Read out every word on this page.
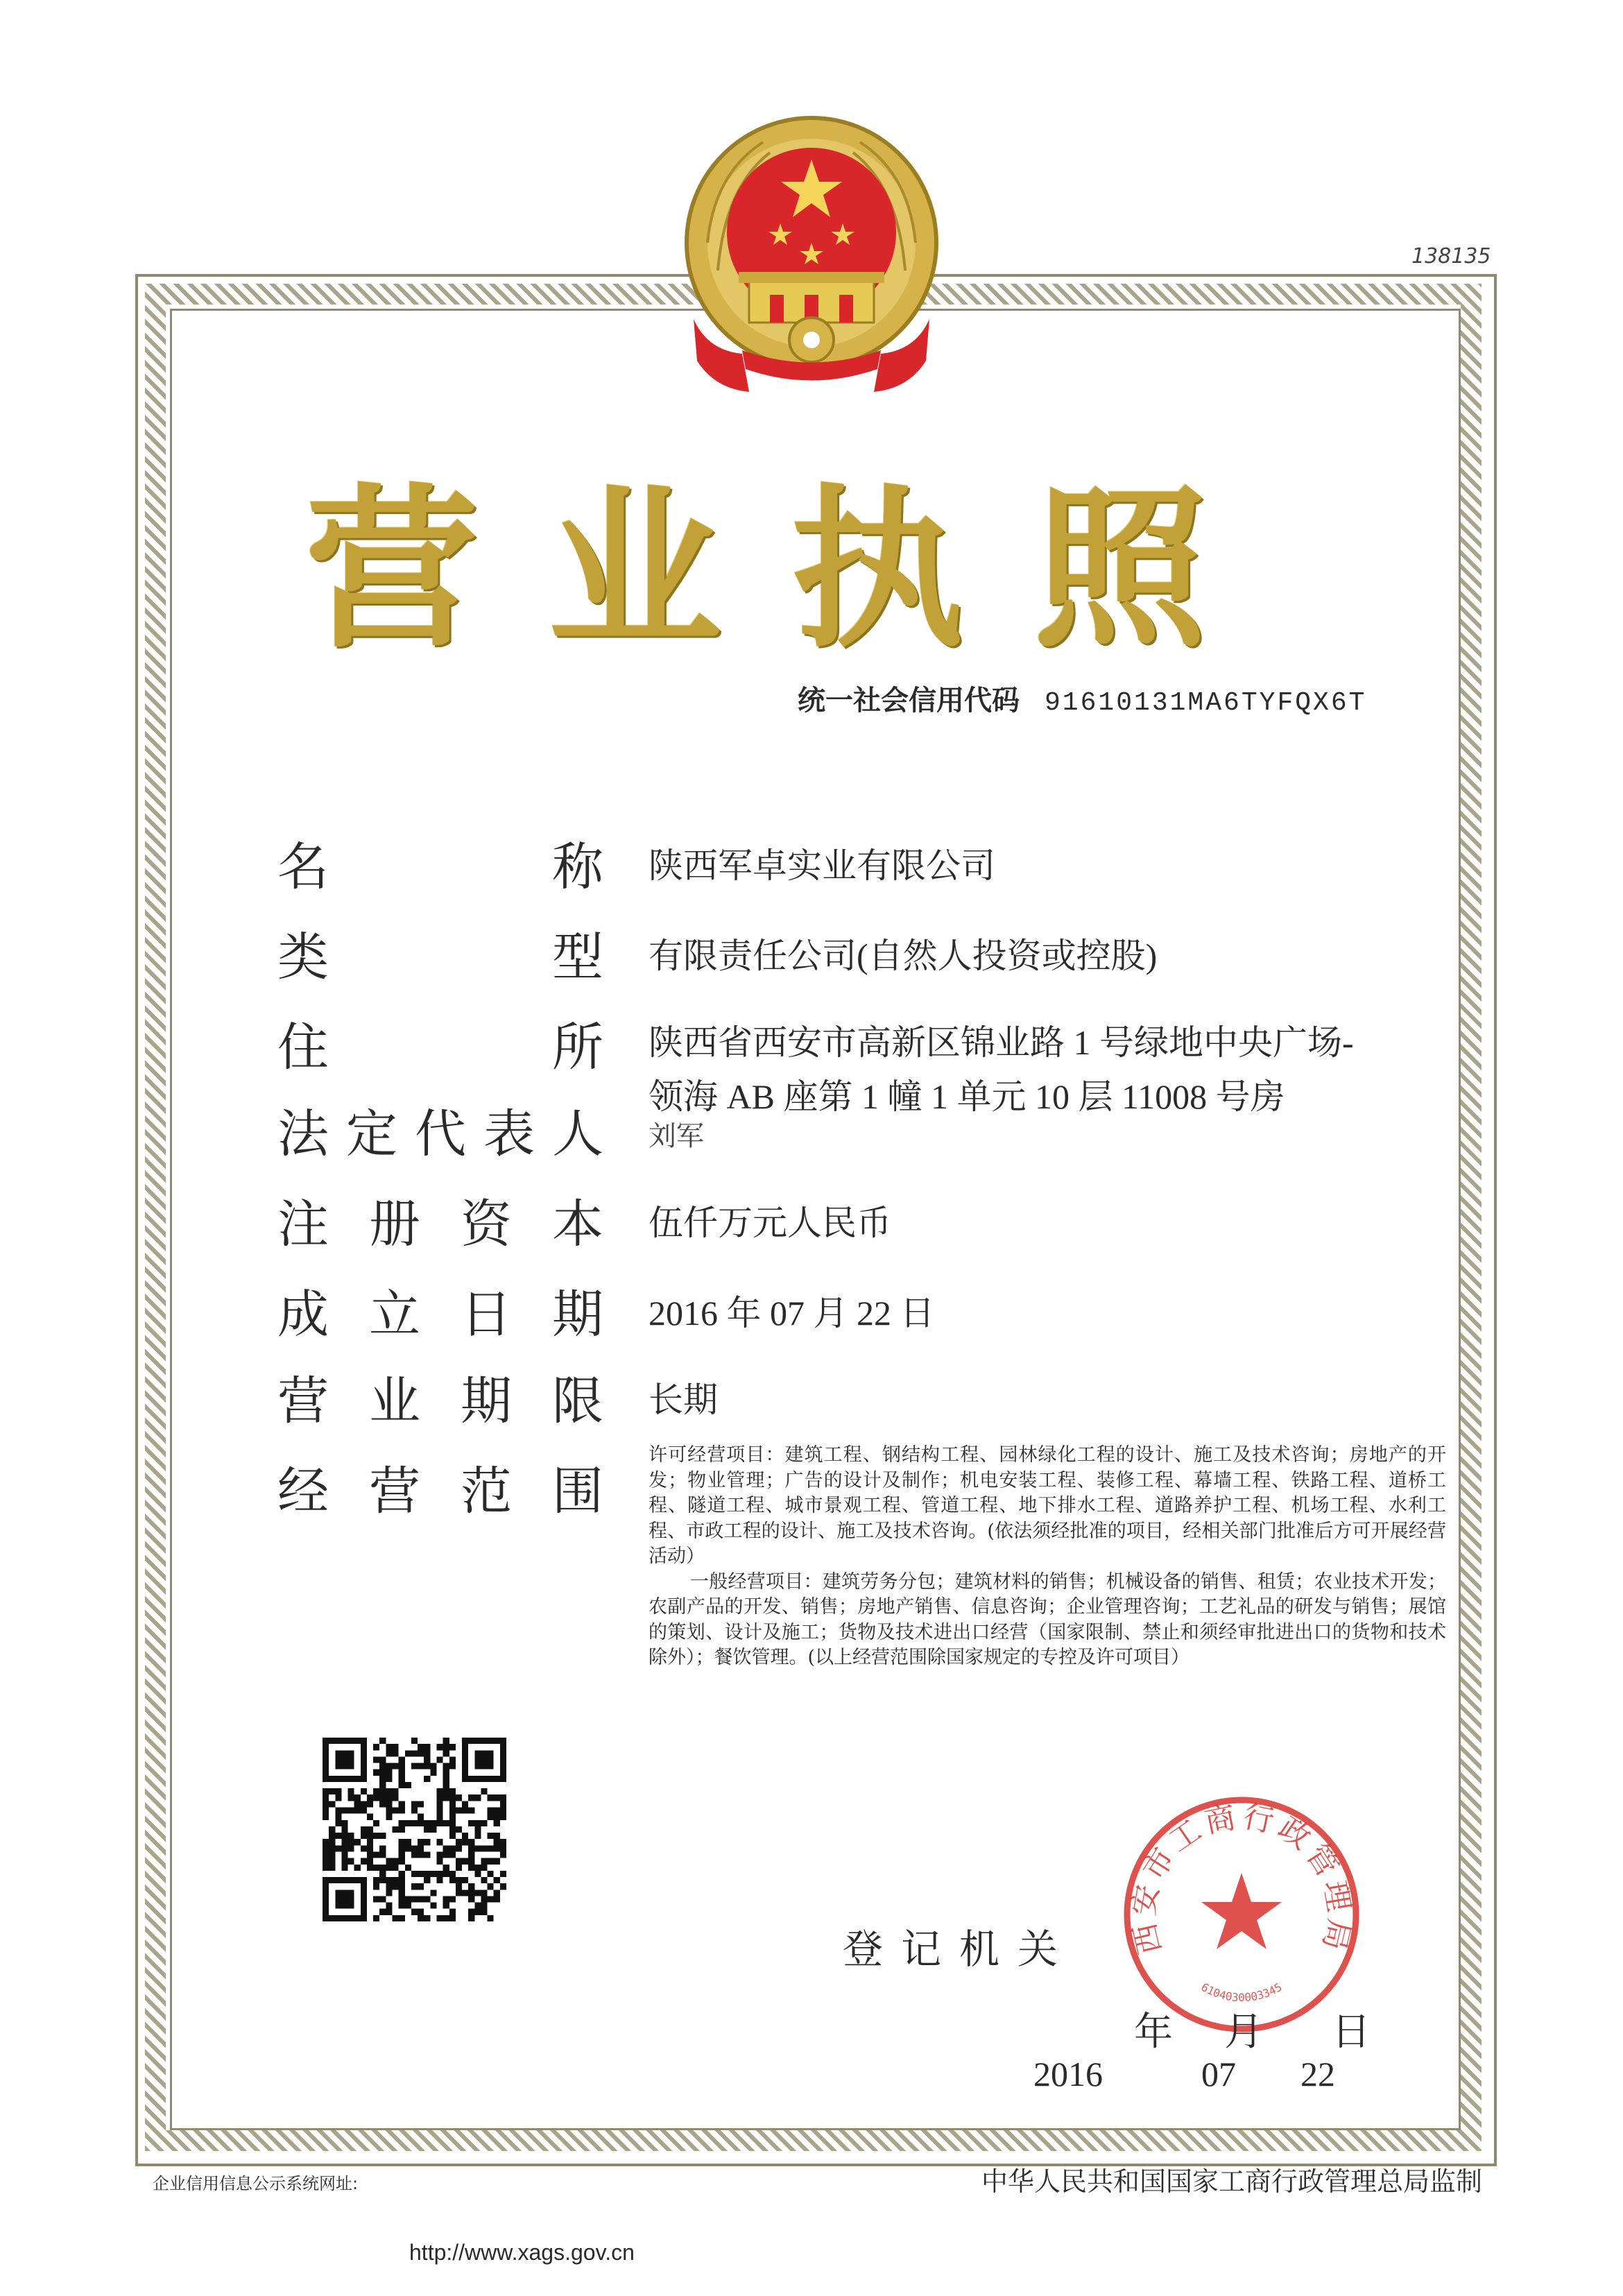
138135
营业执照
统一社会信用代码 91610131MA6TYFQX6T
名	称 陕西军卓实业有限公司
类	型 有限责任公司(自然人投资或控股)
住	所 陕西省西安市高新区锦业路 1 号绿地中央广场-
领海 AB 座第 1 幢 1 单元 10 层 11008 号房
法 定 代 表 人 刘军
注 册 资 本 伍仟万元人民币
成 立 日 期 2016 年 07 月 22 日
营 业 期 限 长期
经 营 范 围

许可经营项目：建筑工程、钢结构工程、园林绿化工程的设计、施工及技术咨询；房地产的开发；物业管理；广告的设计及制作；机电安装工程、装修工程、幕墙工程、铁路工程、道桥工程、隧道工程、城市景观工程、管道工程、地下排水工程、道路养护工程、机场工程、水利工程、市政工程的设计、施工及技术咨询。(依法须经批准的项目，经相关部门批准后方可开展经营活动）

一般经营项目：建筑劳务分包；建筑材料的销售；机械设备的销售、租赁；农业技术开发；农副产品的开发、销售；房地产销售、信息咨询；企业管理咨询；工艺礼品的研发与销售；展馆的策划、设计及施工；货物及技术进出口经营（国家限制、禁止和须经审批进出口的货物和技术除外）；餐饮管理。(以上经营范围除国家规定的专控及许可项目）

登记机关 西安市工商行政管理局
6104030003345
年 月 日
2016	07 22
企业信用信息公示系统网址:
http://www.xags.gov.cn
中华人民共和国国家工商行政管理总局监制
